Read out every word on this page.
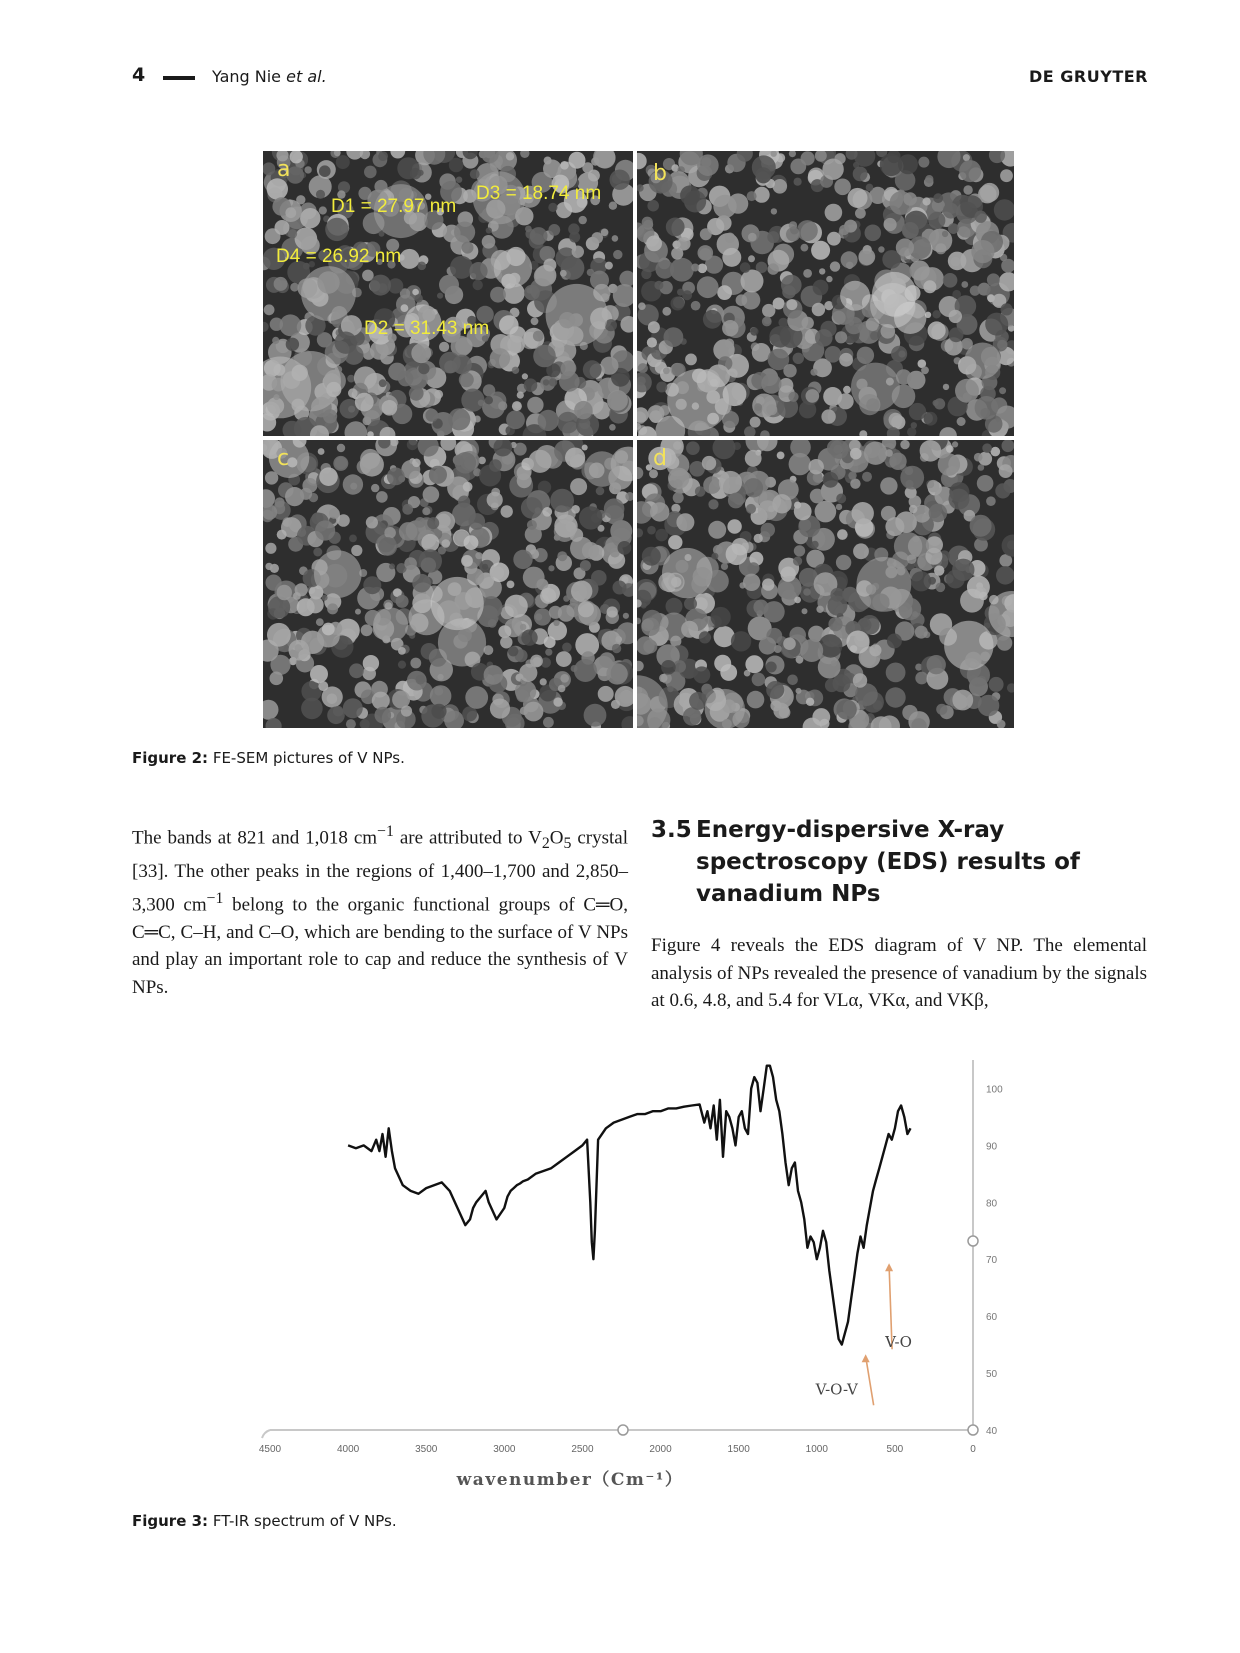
4	Yang Nie et al.	DE GRUYTER
a
D1 = 27.97 nm
D3 = 18.74 nm
D4 = 26.92 nm
D2 = 31.43 nm
b
c	d
Figure 2: FE-SEM pictures of V NPs.
The bands at 821 and 1,018 $cm^{-1}$ are attributed to $V_2O_5$ crystal [33]. The other peaks in the regions of 1,400–1,700 and 2,850–3,300 $cm^{-1}$ belong to the organic functional groups of C═O, C═C, C–H, and C–O, which are bending to the surface of V NPs and play an important role to cap and reduce the synthesis of V NPs.
3.5 Energy-dispersive X-ray spectroscopy (EDS) results of vanadium NPs
Figure 4 reveals the EDS diagram of V NP. The elemental analysis of NPs revealed the presence of vanadium by the signals at 0.6, 4.8, and 5.4 for VLα, VKα, and VKβ,
4500	4000	3500	3000	2500	2000	1500	1000	500	0
100
90
80
70
60
50
40
V-O-V
V-O
wavenumber（Cm⁻¹）
Figure 3: FT-IR spectrum of V NPs.
